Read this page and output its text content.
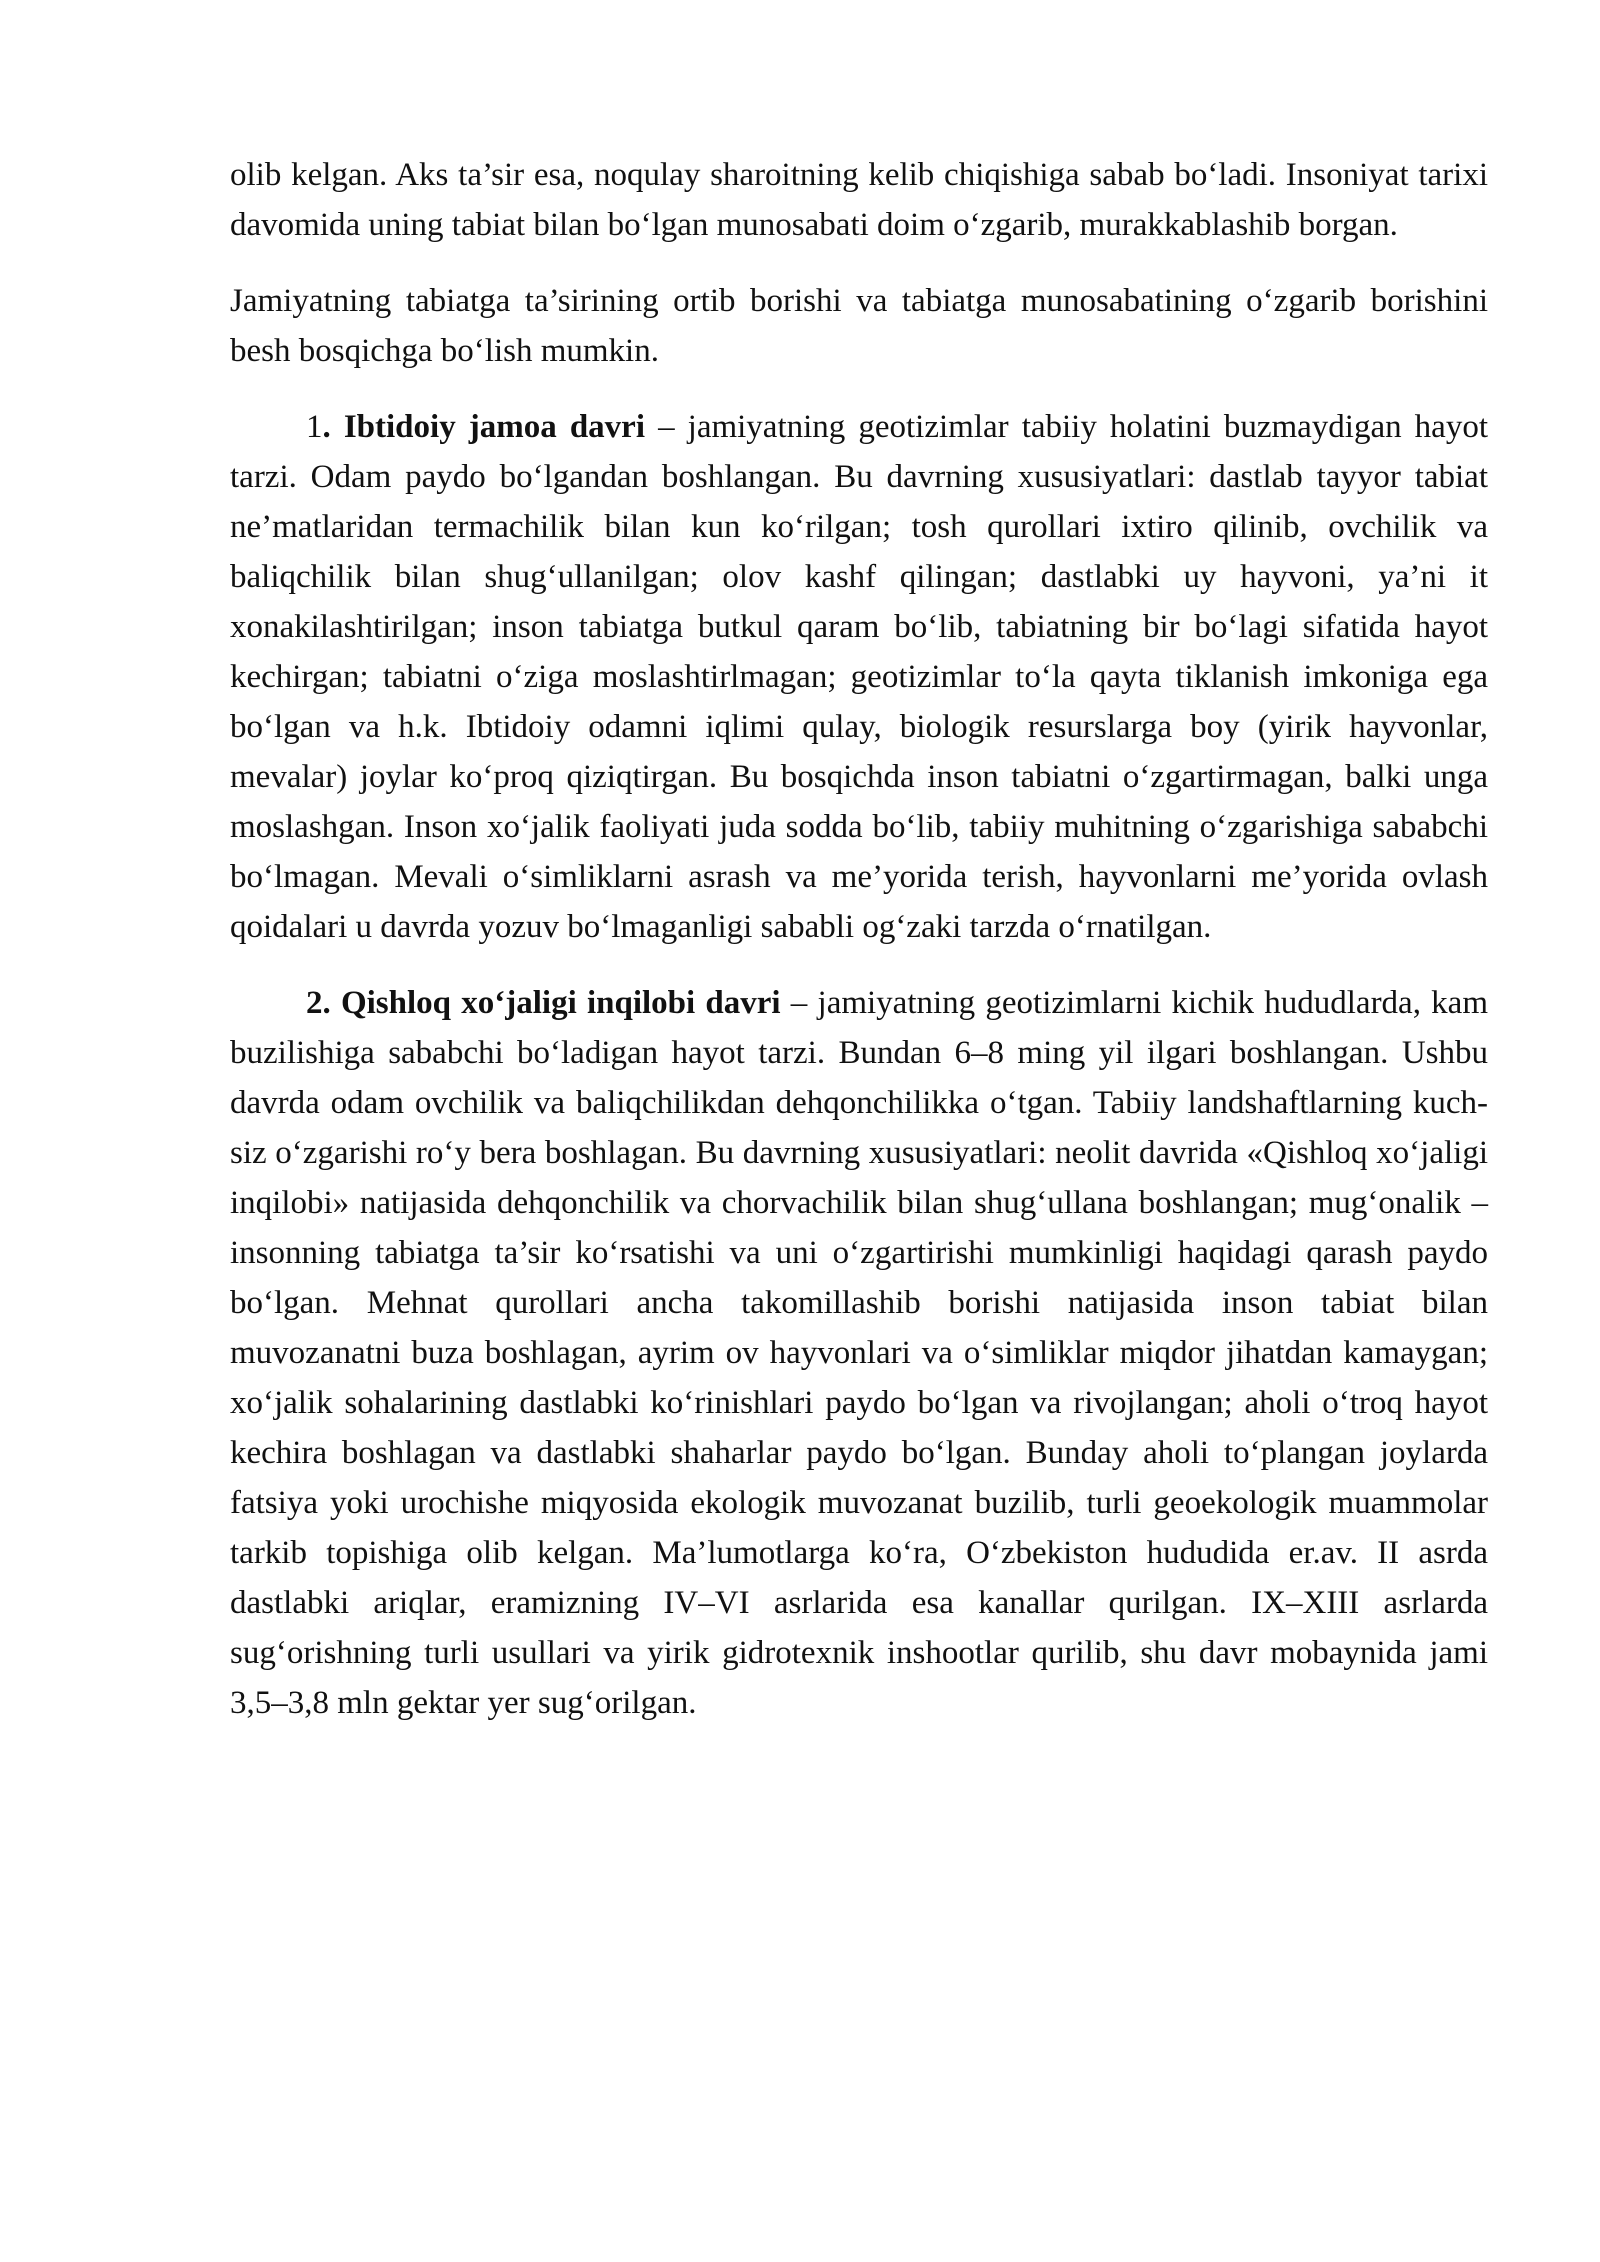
olib kelgan. Aks ta’sir esa, noqulay sharoitning kelib chiqishiga sabab bo‘ladi. Insoniyat tarixi davomida uning tabiat bilan bo‘lgan munosabati doim o‘zgarib, murakkablashib borgan.

Jamiyatning tabiatga ta’sirining ortib borishi va tabiatga munosabatining o‘zgarib borishini besh bosqichga bo‘lish mumkin.

1. Ibtidoiy jamoa davri – jamiyatning geotizimlar tabiiy holatini buzmaydigan hayot tarzi. Odam paydo bo‘lgandan boshlangan. Bu davrning xususiyatlari: dastlab tayyor tabiat ne’matlaridan termachilik bilan kun ko‘rilgan; tosh qurollari ixtiro qilinib, ovchilik va baliqchilik bilan shug‘ullanilgan; olov kashf qilingan; dastlabki uy hayvoni, ya’ni it xonakilashtirilgan; inson tabiatga butkul qaram bo‘lib, tabiatning bir bo‘lagi sifatida hayot kechirgan; tabiatni o‘ziga moslashtirlmagan; geotizimlar to‘la qayta tiklanish imkoniga ega bo‘lgan va h.k. Ibtidoiy odamni iqlimi qulay, biologik resurslarga boy (yirik hayvonlar, mevalar) joylar ko‘proq qiziqtirgan. Bu bosqichda inson tabiatni o‘zgartirmagan, balki unga moslashgan. Inson xo‘jalik faoliyati juda sodda bo‘lib, tabiiy muhitning o‘zgarishiga sababchi bo‘lmagan. Mevali o‘simliklarni asrash va me’yorida terish, hayvonlarni me’yorida ovlash qoidalari u davrda yozuv bo‘lmaganligi sababli og‘zaki tarzda o‘rnatilgan.

2. Qishloq xo‘jaligi inqilobi davri – jamiyatning geotizimlarni kichik hududlarda, kam buzilishiga sababchi bo‘ladigan hayot tarzi. Bundan 6–8 ming yil ilgari boshlangan. Ushbu davrda odam ovchilik va baliqchilikdan dehqonchilikka o‘tgan. Tabiiy landshaftlarning kuch- siz o‘zgarishi ro‘y bera boshlagan. Bu davrning xususiyatlari: neolit davrida «Qishloq xo‘jaligi inqilobi» natijasida dehqonchilik va chorvachilik bilan shug‘ullana boshlangan; mug‘onalik – insonning tabiatga ta’sir ko‘rsatishi va uni o‘zgartirishi mumkinligi haqidagi qarash paydo bo‘lgan. Mehnat qurollari ancha takomillashib borishi natijasida inson tabiat bilan muvozanatni buza boshlagan, ayrim ov hayvonlari va o‘simliklar miqdor jihatdan kamaygan; xo‘jalik sohalarining dastlabki ko‘rinishlari paydo bo‘lgan va rivojlangan; aholi o‘troq hayot kechira boshlagan va dastlabki shaharlar paydo bo‘lgan. Bunday aholi to‘plangan joylarda fatsiya yoki urochishe miqyosida ekologik muvozanat buzilib, turli geoekologik muammolar tarkib topishiga olib kelgan. Ma’lumotlarga ko‘ra, O‘zbekiston hududida er.av. II asrda dastlabki ariqlar, eramizning IV–VI asrlarida esa kanallar qurilgan. IX–XIII asrlarda sug‘orishning turli usullari va yirik gidrotexnik inshootlar qurilib, shu davr mobaynida jami 3,5–3,8 mln gektar yer sug‘orilgan.
